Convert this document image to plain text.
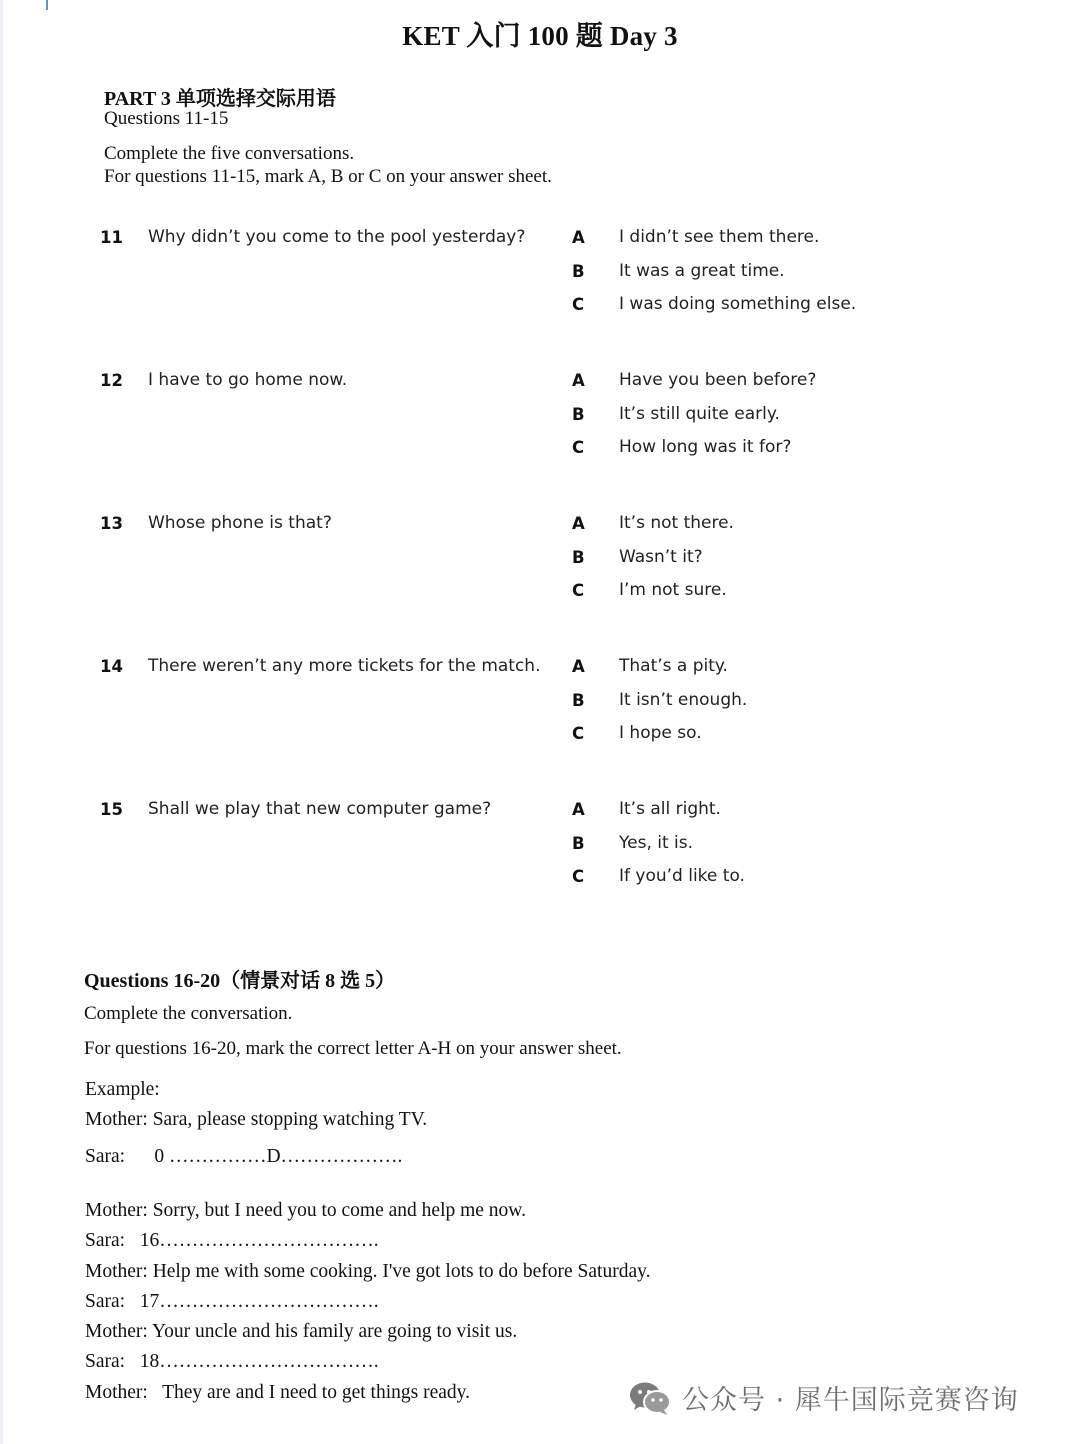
KET 入门 100 题 Day 3
PART 3 单项选择交际用语
Questions 11-15
Complete the five conversations.
For questions 11-15, mark A, B or C on your answer sheet.
11 Why didn’t you come to the pool yesterday?	A I didn’t see them there.
B It was a great time.
C I was doing something else.
12 I have to go home now.	A Have you been before?
B It’s still quite early.
C How long was it for?
13 Whose phone is that?	A It’s not there.
B Wasn’t it?
C I’m not sure.
14 There weren’t any more tickets for the match. A That’s a pity.
B It isn’t enough.
C I hope so.
15 Shall we play that new computer game?	A It’s all right.
B Yes, it is.
C If you’d like to.
Questions 16-20（情景对话 8 选 5）
Complete the conversation.
For questions 16-20, mark the correct letter A-H on your answer sheet.
Example:
Mother: Sara, please stopping watching TV.
Sara:      0 ……………D……………….
Mother: Sorry, but I need you to come and help me now.
Sara:   16…………………………….
Mother: Help me with some cooking. I've got lots to do before Saturday.
Sara:   17…………………………….
Mother: Your uncle and his family are going to visit us.
Sara:   18…………………………….
Mother:   They are and I need to get things ready.	公众号 · 犀牛国际竞赛咨询
